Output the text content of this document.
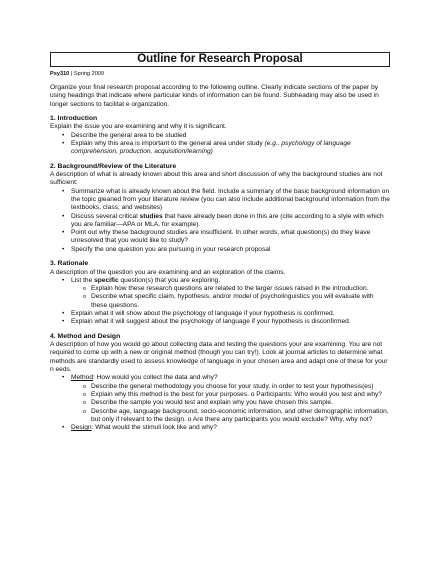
Outline for Research Proposal
Psy310 | Spring 2009

Organize your final research proposal according to the following outline. Clearly indicate sections of the paper by using headings that indicate where particular kinds of information can be found. Subheading may also be used in longer sections to facilitat e organization.

1. Introduction
Explain the issue you are examining and why it is significant.
• Describe the general area to be studied
• Explain why this area is important to the general area under study (e.g., psychology of language comprehension, production, acquisition/learning)
2. Background/Review of the Literature
A description of what is already known about this area and short discussion of why the background studies are not sufficient:
• Summarize what is already known about the field. Include a summary of the basic background information on the topic gleaned from your literature review (you can also include additional background information from the textbooks, class, and websites)
• Discuss several critical studies that have already been done in this are (cite according to a style with which you are familiar—APA or MLA, for example).
• Point out why these background studies are insufficient. In other words, what question(s) do they leave unresolved that you would like to study?
• Specify the one question you are pursuing in your research proposal
3. Rationale
A description of the question you are examining and an exploration of the claims.
• List the specific question(s) that you are exploring.
o Explain how these research questions are related to the larger issues raised in the introduction.
o Describe what specific claim, hypothesis, and/or model of psycholinguistics you will evaluate with these questions.
• Explain what it will show about the psychology of language if your hypothesis is confirmed.
• Explain what it will suggest about the psychology of language if your hypothesis is disconfirmed.
4. Method and Design
A description of how you would go about collecting data and testing the questions your are examining. You are not required to come up with a new or original method (though you can try!). Look at journal articles to determine what methods are standardly used to assess knowledge of language in your chosen area and adapt one of these for your n eeds.
• Method: How would you collect the data and why?
o Describe the general methodology you choose for your study, in order to test your hypothesis(es)
o Explain why this method is the best for your purposes. o Participants: Who would you test and why?
o Describe the sample you would test and explain why you have chosen this sample.
o Describe age, language background, socio-economic information, and other demographic information, but only if relevant to the design. o Are there any participants you would exclude? Why, why not?
• Design: What would the stimuli look like and why?
